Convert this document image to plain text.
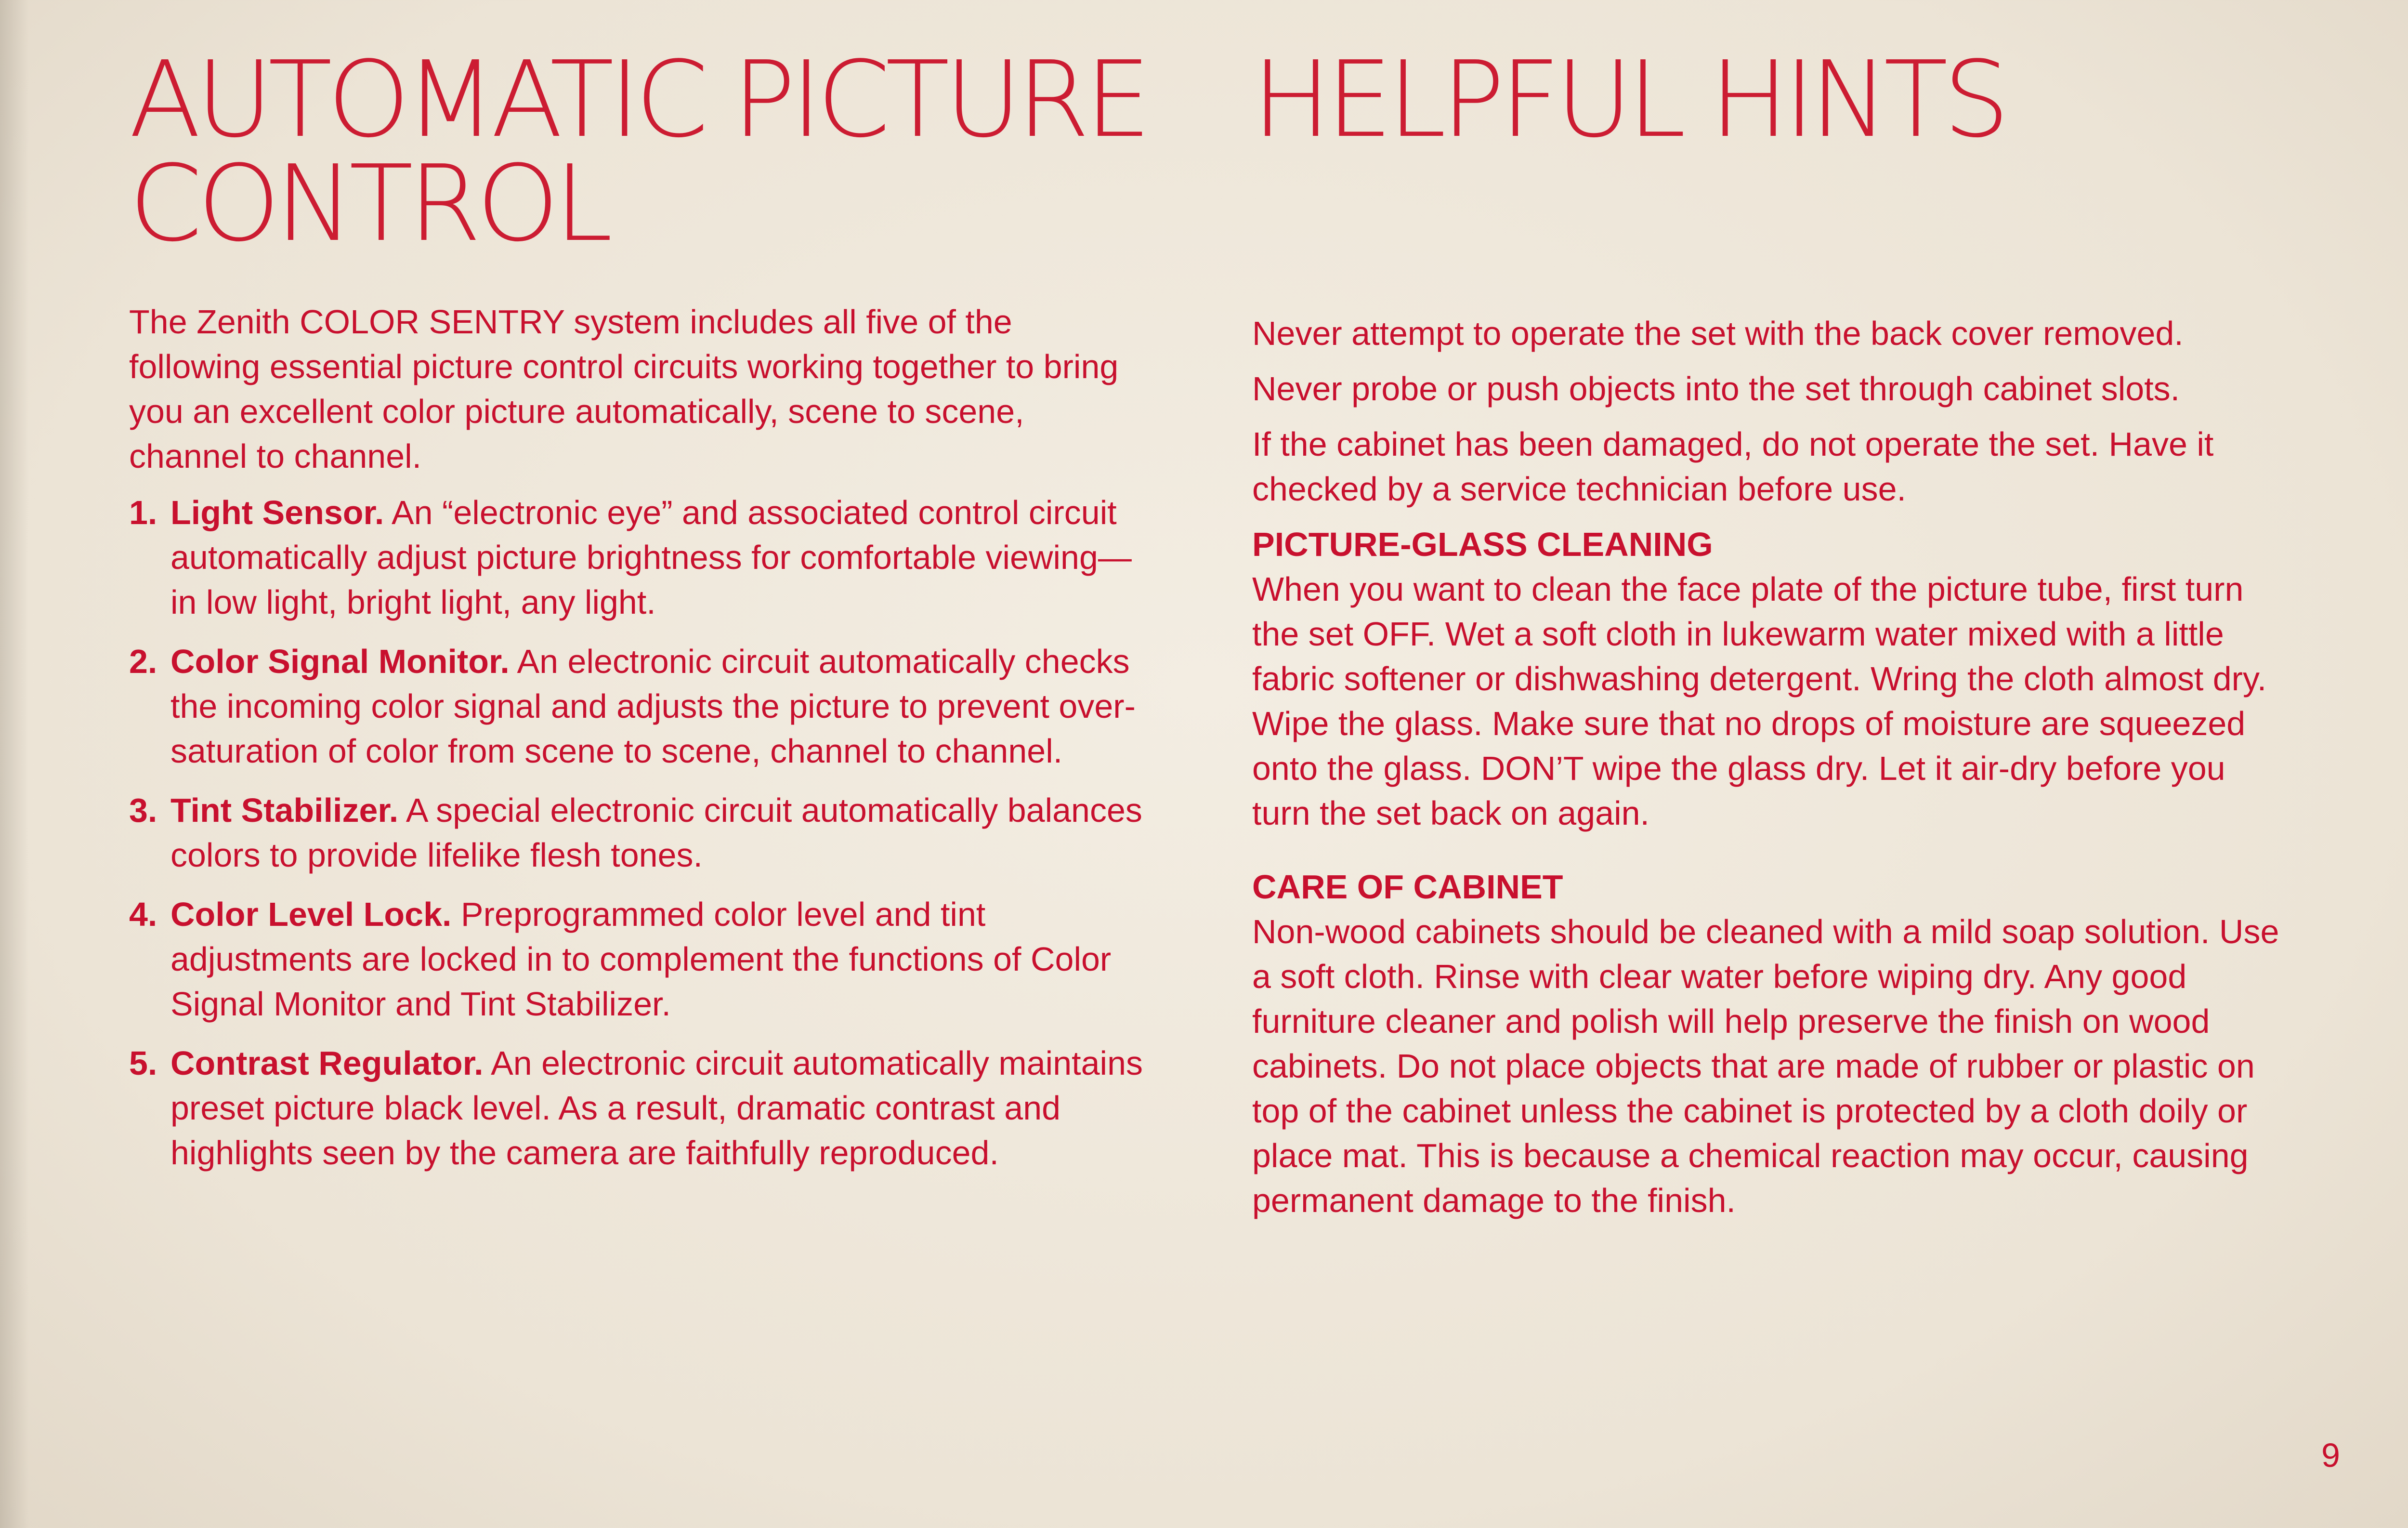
AUTOMATIC PICTURE
CONTROL

The Zenith COLOR SENTRY system includes all five of the following essential picture control circuits working together to bring you an excellent color picture automatically, scene to scene, channel to channel.

1. Light Sensor. An “electronic eye” and associated control circuit automatically adjust picture brightness for comfortable viewing—in low light, bright light, any light.
2. Color Signal Monitor. An electronic circuit automatically checks the incoming color signal and adjusts the picture to prevent over-saturation of color from scene to scene, channel to channel.
3. Tint Stabilizer. A special electronic circuit automatically balances colors to provide lifelike flesh tones.
4. Color Level Lock. Preprogrammed color level and tint adjustments are locked in to complement the functions of Color Signal Monitor and Tint Stabilizer.
5. Contrast Regulator. An electronic circuit automatically maintains preset picture black level. As a result, dramatic contrast and highlights seen by the camera are faithfully reproduced.
HELPFUL HINTS

Never attempt to operate the set with the back cover removed.

Never probe or push objects into the set through cabinet slots.

If the cabinet has been damaged, do not operate the set. Have it checked by a service technician before use.

PICTURE-GLASS CLEANING

When you want to clean the face plate of the picture tube, first turn the set OFF. Wet a soft cloth in lukewarm water mixed with a little fabric softener or dishwashing detergent. Wring the cloth almost dry. Wipe the glass. Make sure that no drops of moisture are squeezed onto the glass. DON’T wipe the glass dry. Let it air-dry before you turn the set back on again.

CARE OF CABINET

Non-wood cabinets should be cleaned with a mild soap solution. Use a soft cloth. Rinse with clear water before wiping dry. Any good furniture cleaner and polish will help preserve the finish on wood cabinets. Do not place objects that are made of rubber or plastic on top of the cabinet unless the cabinet is protected by a cloth doily or place mat. This is because a chemical reaction may occur, causing permanent damage to the finish.

9
